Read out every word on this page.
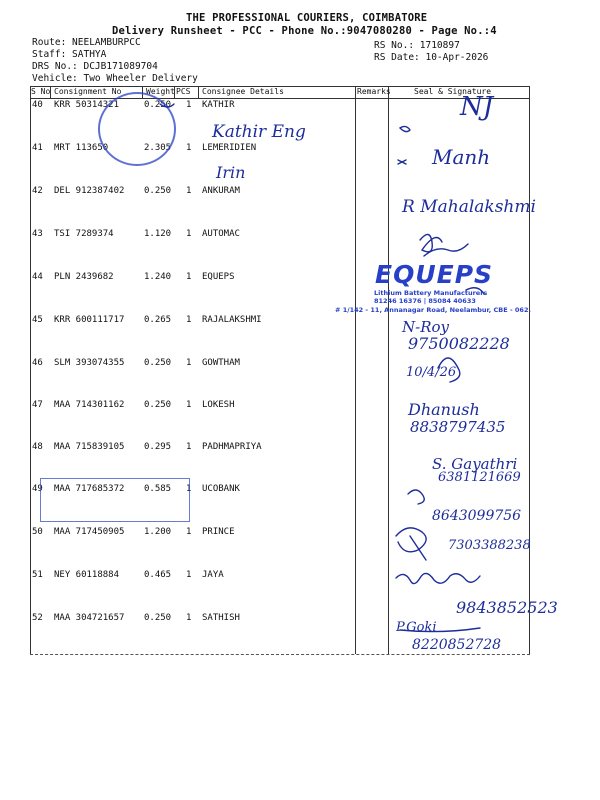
THE PROFESSIONAL COURIERS, COIMBATORE
Delivery Runsheet - PCC - Phone No.:9047080280 - Page No.:4
Route: NEELAMBURPCC
Staff: SATHYA
DRS No.: DCJB171089704
Vehicle: Two Wheeler Delivery
RS No.: 1710897
RS Date: 10-Apr-2026
S No Consignment No	Weight PCS Consignee Details	Remarks	Seal & Signature
40 KRR 50314321	0.250 1 KATHIR
41 MRT 113650	2.305 1 LEMERIDIEN
42 DEL 912387402 0.250 1 ANKURAM
43 TSI 7289374	1.120 1 AUTOMAC
44 PLN 2439682	1.240 1 EQUEPS
45 KRR 600111717 0.265 1 RAJALAKSHMI
46 SLM 393074355 0.250 1 GOWTHAM
47 MAA 714301162 0.250 1 LOKESH
48 MAA 715839105 0.295 1 PADHMAPRIYA
49 MAA 717685372 0.585 1 UCOBANK
50 MAA 717450905 1.200 1 PRINCE
51 NEY 60118884	0.465 1 JAYA
52 MAA 304721657 0.250 1 SATHISH
EQUEPS
Lithium Battery Manufacturers
81246 16376 | 85084 40633
# 1/142 - 11, Annanagar Road, Neelambur, CBE - 062.
Kathir Eng
Irin
NJ
Manh
R Mahalakshmi
N-Roy
9750082228
10/4/26
Dhanush
8838797435
S. Gayathri
6381121669
8643099756
7303388238
9843852523
P.Goki
8220852728
